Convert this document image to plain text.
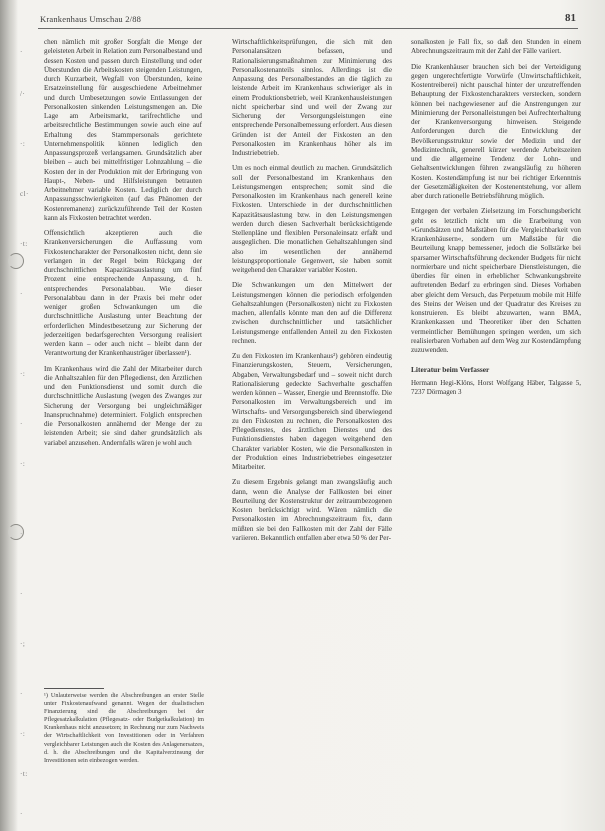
Krankenhaus Umschau 2/88	81
·
/·
·:
cl·
·t:
·
·:
·
·:
·
·
·;
·
·:
·t:
·

chen nämlich mit großer Sorgfalt die Menge der geleisteten Arbeit in Relation zum Personalbestand und dessen Kosten und passen durch Einstellung und oder Überstunden die Arbeitskosten steigenden Leistungen, durch Kurzarbeit, Wegfall von Überstunden, keine Ersatzeinstellung für ausgeschiedene Arbeitnehmer und durch Umbesetzungen sowie Entlassungen der Personalkosten sinkenden Leistungsmengen an. Die Lage am Arbeitsmarkt, tarifrechtliche und arbeitsrechtliche Bestimmungen sowie auch eine auf Erhaltung des Stammpersonals gerichtete Unternehmenspolitik können lediglich den Anpassungsprozeß verlangsamen. Grundsätzlich aber bleiben – auch bei mittelfristiger Lohnzahlung – die Kosten der in der Produktion mit der Erbringung von Haupt-, Neben- und Hilfsleistungen betrauten Arbeitnehmer variable Kosten. Lediglich der durch Anpassungsschwierigkeiten (auf das Phänomen der Kostenremanenz) zurückzuführende Teil der Kosten kann als Fixkosten betrachtet werden.

Offensichtlich akzeptieren auch die Krankenversicherungen die Auffassung vom Fixkostencharakter der Personalkosten nicht, denn sie verlangen in der Regel beim Rückgang der durchschnittlichen Kapazitätsauslastung um fünf Prozent eine entsprechende Anpassung, d. h. entsprechendes Personalabbau. Wie dieser Personalabbau dann in der Praxis bei mehr oder weniger großen Schwankungen um die durchschnittliche Auslastung unter Beachtung der erforderlichen Mindestbesetzung zur Sicherung der jederzeitigen bedarfsgerechten Versorgung realisiert werden kann – oder auch nicht – bleibt dann der Verantwortung der Krankenhausträger überlassen¹).

Im Krankenhaus wird die Zahl der Mitarbeiter durch die Anhaltszahlen für den Pflegedienst, den Ärztlichen und den Funktionsdienst und somit durch die durchschnittliche Auslastung (wegen des Zwanges zur Sicherung der Versorgung bei ungleichmäßiger Inanspruchnahme) determiniert. Folglich entsprechen die Personalkosten annähernd der Menge der zu leistenden Arbeit; sie sind daher grundsätzlich als variabel anzusehen. Andernfalls wären je wohl auch

¹) Unlauterweise werden die Abschreibungen an erster Stelle unter Fixkostenaufwand genannt. Wegen der dualistischen Finanzierung sind die Abschreibungen bei der Pflegesatzkalkulation (Pflegesatz- oder Budgetkalkulation) im Krankenhaus nicht anzusetzen; in Rechnung nur zum Nachweis der Wirtschaftlichkeit von Investitionen oder in Verfahren vergleichbarer Leistungen auch die Kosten des Anlagenersatzes, d. h. die Abschreibungen und die Kapitalverzinsung der Investitionen sein einbezogen werden.

Wirtschaftlichkeitsprüfungen, die sich mit den Personalansätzen befassen, und Rationalisierungsmaßnahmen zur Minimierung des Personalkostenanteils sinnlos. Allerdings ist die Anpassung des Personalbestandes an die täglich zu leistende Arbeit im Krankenhaus schwieriger als in einem Produktionsbetrieb, weil Krankenhausleistungen nicht speicherbar sind und weil der Zwang zur Sicherung der Versorgungsleistungen eine entsprechende Personalbemessung erfordert. Aus diesen Gründen ist der Anteil der Fixkosten an den Personalkosten im Krankenhaus höher als im Industriebetrieb.

Um es noch einmal deutlich zu machen. Grundsätzlich soll der Personalbestand im Krankenhaus den Leistungsmengen entsprechen; somit sind die Personalkosten im Krankenhaus nach generell keine Fixkosten. Unterschiede in der durchschnittlichen Kapazitätsauslastung bzw. in den Leistungsmengen werden durch diesen Sachverhalt berücksichtigende Stellenpläne und flexiblen Personaleinsatz erfaßt und ausgeglichen. Die monatlichen Gehaltszahlungen sind also im wesentlichen der annähernd leistungsproportionale Gegenwert, sie haben somit weitgehend den Charakter variabler Kosten.

Die Schwankungen um den Mittelwert der Leistungsmengen können die periodisch erfolgenden Gehaltszahlungen (Personalkosten) nicht zu Fixkosten machen, allenfalls könnte man den auf die Differenz zwischen durchschnittlicher und tatsächlicher Leistungsmenge entfallenden Anteil zu den Fixkosten rechnen.

Zu den Fixkosten im Krankenhaus²) gehören eindeutig Finanzierungskosten, Steuern, Versicherungen, Abgaben, Verwaltungsbedarf und – soweit nicht durch Rationalisierung gedeckte Sachverhalte geschaffen werden können – Wasser, Energie und Brennstoffe. Die Personalkosten im Verwaltungsbereich und im Wirtschafts- und Versorgungsbereich sind überwiegend zu den Fixkosten zu rechnen, die Personalkosten des Pflegedienstes, des ärztlichen Dienstes und des Funktionsdienstes haben dagegen weitgehend den Charakter variabler Kosten, wie die Personalkosten in der Produktion eines Industriebetriebes eingesetzter Mitarbeiter.

Zu diesem Ergebnis gelangt man zwangsläufig auch dann, wenn die Analyse der Fallkosten bei einer Beurteilung der Kostenstruktur der zeitraumbezogenen Kosten berücksichtigt wird. Wären nämlich die Personalkosten im Abrechnungszeitraum fix, dann müßten sie bei den Fallkosten mit der Zahl der Fälle variieren. Bekanntlich entfallen aber etwa 50 % der Per-

sonalkosten je Fall fix, so daß den Stunden in einem Abrechnungszeitraum mit der Zahl der Fälle variiert.

Die Krankenhäuser brauchen sich bei der Verteidigung gegen ungerechtfertigte Vorwürfe (Unwirtschaftlichkeit, Kostentreiberei) nicht pauschal hinter der unzutreffenden Behauptung der Fixkostencharakters verstecken, sondern können bei nachgewiesener auf die Anstrengungen zur Minimierung der Personalleistungen bei Aufrechterhaltung der Krankenversorgung hinweisen. Steigende Anforderungen durch die Entwicklung der Bevölkerungsstruktur sowie der Medizin und der Medizintechnik, generell kürzer werdende Arbeitszeiten und die allgemeine Tendenz der Lohn- und Gehaltsentwicklungen führen zwangsläufig zu höheren Kosten. Kostendämpfung ist nur bei richtiger Erkenntnis der Gesetzmäßigkeiten der Kostenentstehung, vor allem aber durch rationelle Betriebsführung möglich.

Entgegen der verbalen Zielsetzung im Forschungsbericht geht es letztlich nicht um die Erarbeitung von »Grundsätzen und Maßstäben für die Vergleichbarkeit von Krankenhäusern«, sondern um Maßstäbe für die Beurteilung knapp bemessener, jedoch die Sollstärke bei sparsamer Wirtschaftsführung deckender Budgets für nicht normierbare und nicht speicherbare Dienstleistungen, die überdies für einen in erheblicher Schwankungsbreite auftretenden Bedarf zu erbringen sind. Dieses Vorhaben aber gleicht dem Versuch, das Perpetuum mobile mit Hilfe des Steins der Weisen und der Quadratur des Kreises zu konstruieren. Es bleibt abzuwarten, wann BMA, Krankenkassen und Theoretiker über den Schatten vermeintlicher Bemühungen springen werden, um sich realisierbaren Vorhaben auf dem Weg zur Kostendämpfung zuzuwenden.

Literatur beim Verfasser
Hermann Hegi-Klöns, Horst Wolfgang Häber, Talgasse 5, 7237 Dörmagen 3
